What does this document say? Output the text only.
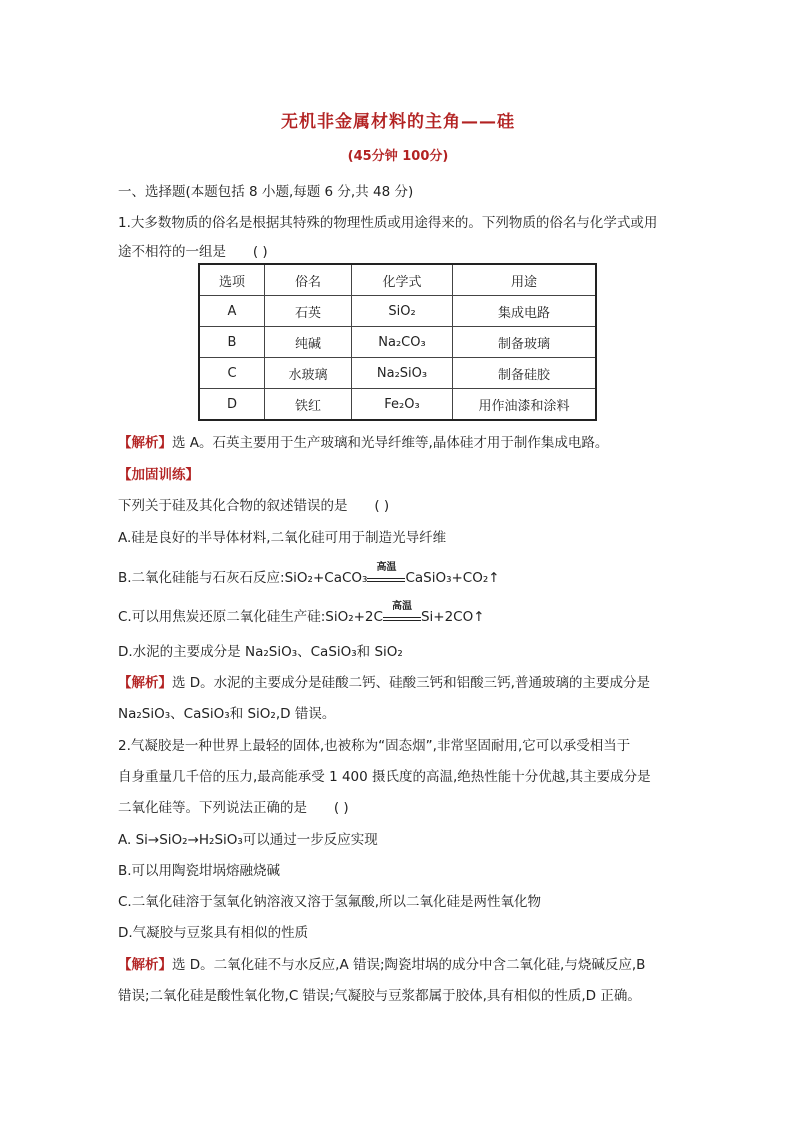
无机非金属材料的主角——硅
(45分钟 100分)
一、选择题(本题包括 8 小题,每题 6 分,共 48 分)
1.大多数物质的俗名是根据其特殊的物理性质或用途得来的。下列物质的俗名与化学式或用
途不相符的一组是 ( )
选项	俗名	化学式	用途
A	石英	SiO₂	集成电路
B	纯碱	Na₂CO₃	制备玻璃
C	水玻璃	Na₂SiO₃	制备硅胶
D	铁红	Fe₂O₃	用作油漆和涂料
【解析】选 A。石英主要用于生产玻璃和光导纤维等,晶体硅才用于制作集成电路。
【加固训练】
下列关于硅及其化合物的叙述错误的是 ( )
A.硅是良好的半导体材料,二氧化硅可用于制造光导纤维
B.二氧化硅能与石灰石反应:SiO₂+CaCO₃
高温
CaSiO₃+CO₂↑
C.可以用焦炭还原二氧化硅生产硅:SiO₂+2C
高温
Si+2CO↑
D.水泥的主要成分是 Na₂SiO₃、CaSiO₃和 SiO₂
【解析】选 D。水泥的主要成分是硅酸二钙、硅酸三钙和铝酸三钙,普通玻璃的主要成分是
Na₂SiO₃、CaSiO₃和 SiO₂,D 错误。
2.气凝胶是一种世界上最轻的固体,也被称为“固态烟”,非常坚固耐用,它可以承受相当于
自身重量几千倍的压力,最高能承受 1 400 摄氏度的高温,绝热性能十分优越,其主要成分是
二氧化硅等。下列说法正确的是 ( )
A. Si→SiO₂→H₂SiO₃可以通过一步反应实现
B.可以用陶瓷坩埚熔融烧碱
C.二氧化硅溶于氢氧化钠溶液又溶于氢氟酸,所以二氧化硅是两性氧化物
D.气凝胶与豆浆具有相似的性质
【解析】选 D。二氧化硅不与水反应,A 错误;陶瓷坩埚的成分中含二氧化硅,与烧碱反应,B
错误;二氧化硅是酸性氧化物,C 错误;气凝胶与豆浆都属于胶体,具有相似的性质,D 正确。
